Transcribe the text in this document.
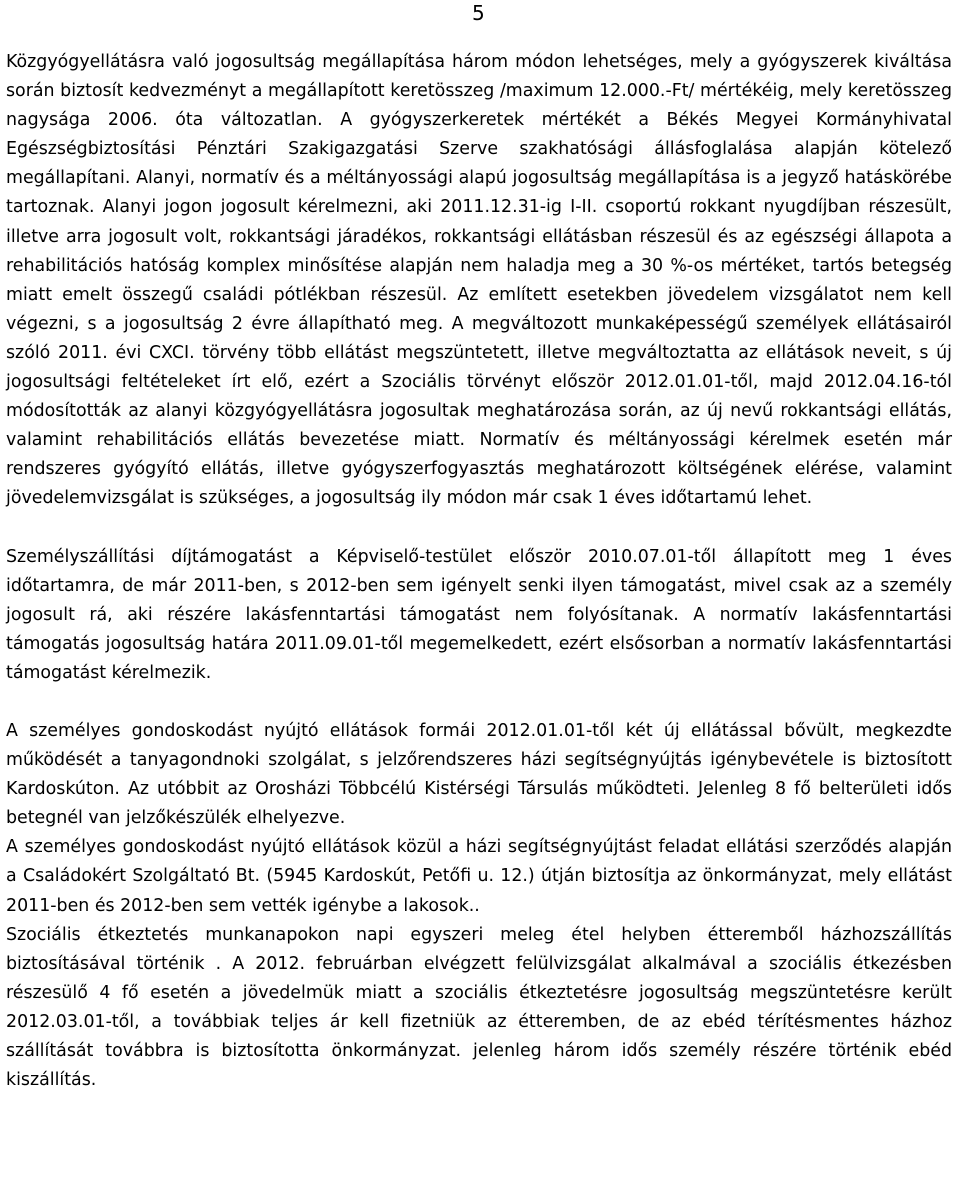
5

Közgyógyellátásra való jogosultság megállapítása három módon lehetséges, mely a gyógyszerek kiváltása során biztosít kedvezményt a megállapított keretösszeg /maximum 12.000.-Ft/ mértékéig, mely keretösszeg nagysága 2006. óta változatlan. A gyógyszerkeretek mértékét a Békés Megyei Kormányhivatal Egészségbiztosítási Pénztári Szakigazgatási Szerve szakhatósági állásfoglalása alapján kötelező megállapítani. Alanyi, normatív és a méltányossági alapú jogosultság megállapítása is a jegyző hatáskörébe tartoznak. Alanyi jogon jogosult kérelmezni, aki 2011.12.31-ig I-II. csoportú rokkant nyugdíjban részesült, illetve arra jogosult volt, rokkantsági járadékos, rokkantsági ellátásban részesül és az egészségi állapota a rehabilitációs hatóság komplex minősítése alapján nem haladja meg a 30 %-os mértéket, tartós betegség miatt emelt összegű családi pótlékban részesül. Az említett esetekben jövedelem vizsgálatot nem kell végezni, s a jogosultság 2 évre állapítható meg. A megváltozott munkaképességű személyek ellátásairól szóló 2011. évi CXCI. törvény több ellátást megszüntetett, illetve megváltoztatta az ellátások neveit, s új jogosultsági feltételeket írt elő, ezért a Szociális törvényt először 2012.01.01-től, majd 2012.04.16-tól módosították az alanyi közgyógyellátásra jogosultak meghatározása során, az új nevű rokkantsági ellátás, valamint rehabilitációs ellátás bevezetése miatt. Normatív és méltányossági kérelmek esetén már rendszeres gyógyító ellátás, illetve gyógyszerfogyasztás meghatározott költségének elérése, valamint jövedelemvizsgálat is szükséges, a jogosultság ily módon már csak 1 éves időtartamú lehet.

Személyszállítási díjtámogatást a Képviselő-testület először 2010.07.01-től állapított meg 1 éves időtartamra, de már 2011-ben, s 2012-ben sem igényelt senki ilyen támogatást, mivel csak az a személy jogosult rá, aki részére lakásfenntartási támogatást nem folyósítanak. A normatív lakásfenntartási támogatás jogosultság határa 2011.09.01-től megemelkedett, ezért elsősorban a normatív lakásfenntartási támogatást kérelmezik.

A személyes gondoskodást nyújtó ellátások formái 2012.01.01-től két új ellátással bővült, megkezdte működését a tanyagondnoki szolgálat, s jelzőrendszeres házi segítségnyújtás igénybevétele is biztosított Kardoskúton. Az utóbbit az Orosházi Többcélú Kistérségi Társulás működteti. Jelenleg 8 fő belterületi idős betegnél van jelzőkészülék elhelyezve.

A személyes gondoskodást nyújtó ellátások közül a házi segítségnyújtást feladat ellátási szerződés alapján a Családokért Szolgáltató Bt. (5945 Kardoskút, Petőfi u. 12.) útján biztosítja az önkormányzat, mely ellátást 2011-ben és 2012-ben sem vették igénybe a lakosok..

Szociális étkeztetés munkanapokon napi egyszeri meleg étel helyben étteremből házhozszállítás biztosításával történik . A 2012. februárban elvégzett felülvizsgálat alkalmával a szociális étkezésben részesülő 4 fő esetén a jövedelmük miatt a szociális étkeztetésre jogosultság megszüntetésre került 2012.03.01-től, a továbbiak teljes ár kell fizetniük az étteremben, de az ebéd térítésmentes házhoz szállítását továbbra is biztosította önkormányzat. jelenleg három idős személy részére történik ebéd kiszállítás.
